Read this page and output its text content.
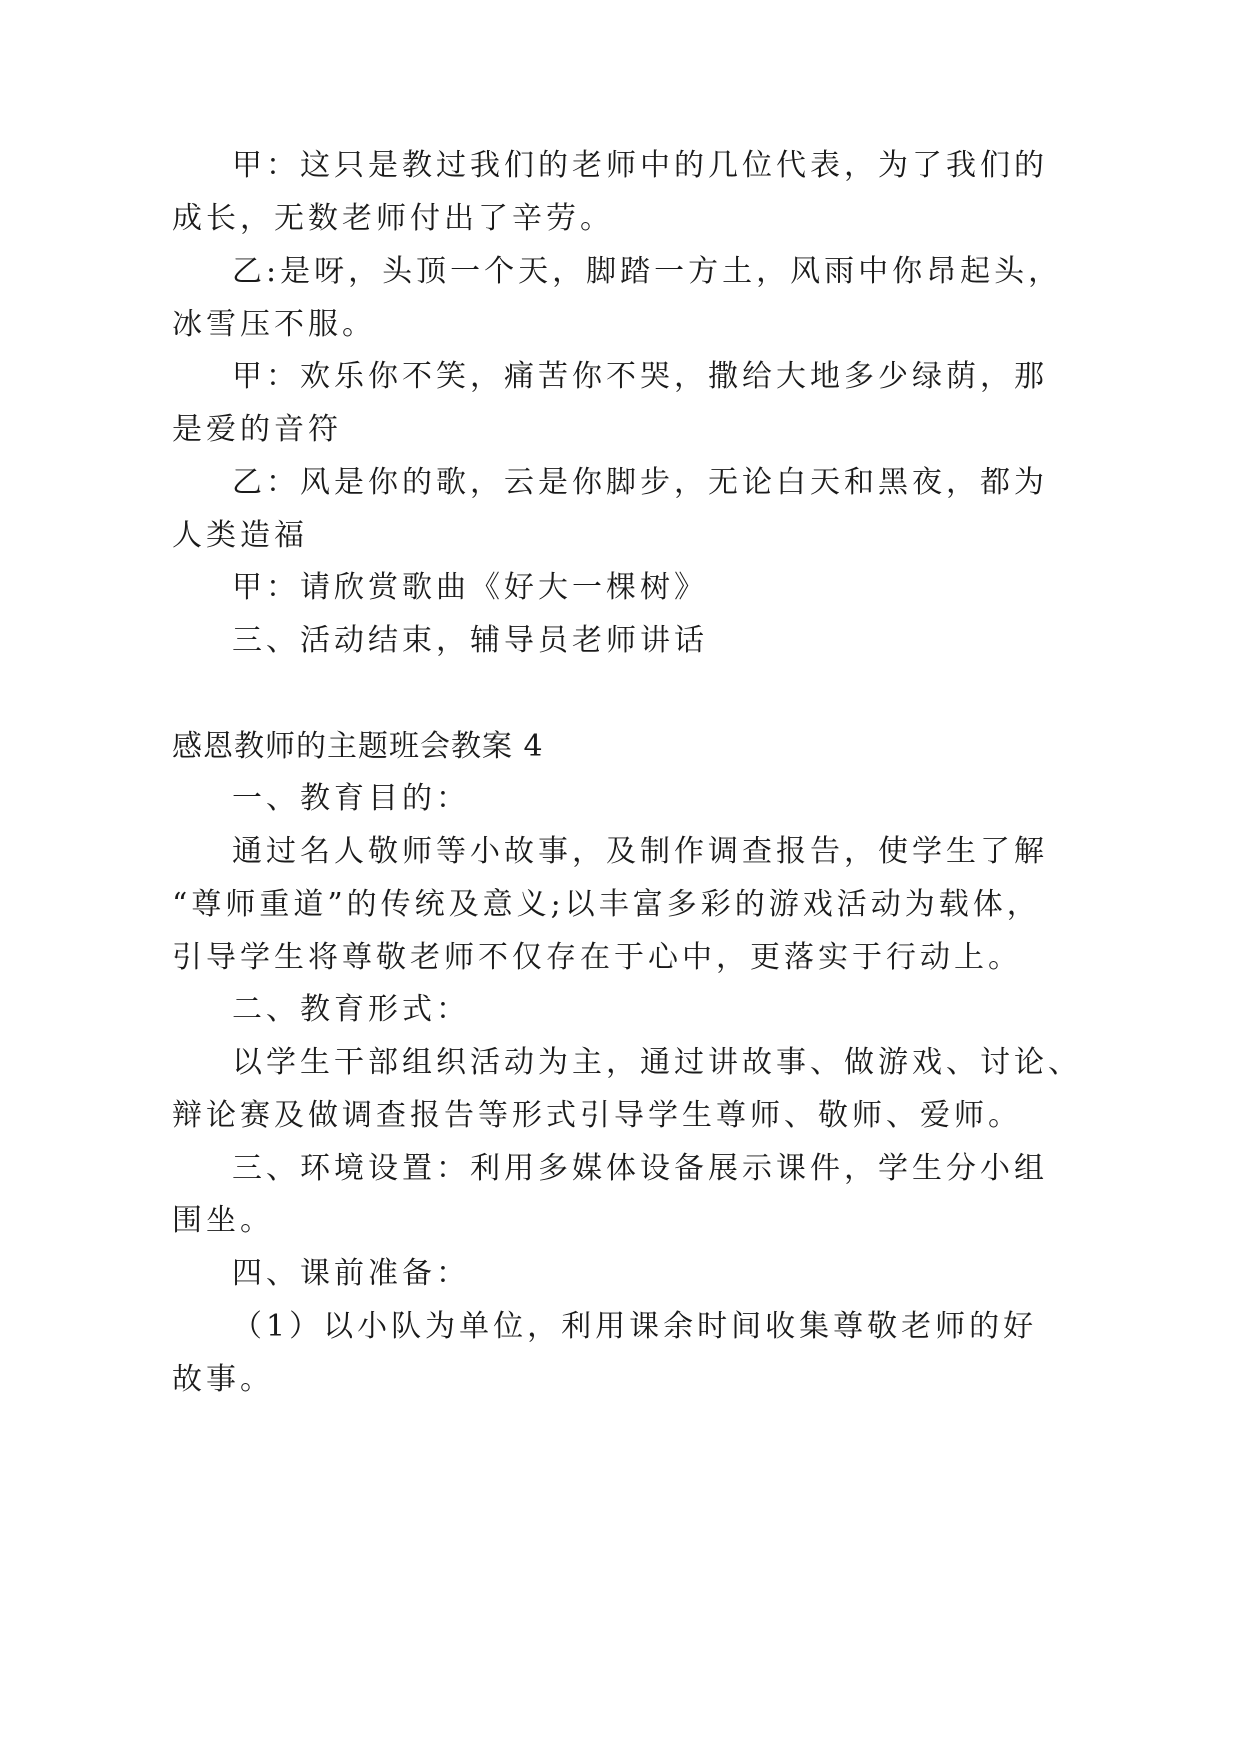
甲：这只是教过我们的老师中的几位代表，为了我们的
成长，无数老师付出了辛劳。
乙:是呀，头顶一个天，脚踏一方土，风雨中你昂起头，
冰雪压不服。
甲：欢乐你不笑，痛苦你不哭，撒给大地多少绿荫，那
是爱的音符
乙：风是你的歌，云是你脚步，无论白天和黑夜，都为
人类造福
甲：请欣赏歌曲《好大一棵树》
三、活动结束，辅导员老师讲话
感恩教师的主题班会教案 4
一、教育目的：
通过名人敬师等小故事，及制作调查报告，使学生了解
“尊师重道”的传统及意义;以丰富多彩的游戏活动为载体，
引导学生将尊敬老师不仅存在于心中，更落实于行动上。
二、教育形式：
以学生干部组织活动为主，通过讲故事、做游戏、讨论、
辩论赛及做调查报告等形式引导学生尊师、敬师、爱师。
三、环境设置：利用多媒体设备展示课件，学生分小组
围坐。
四、课前准备：
（1）以小队为单位，利用课余时间收集尊敬老师的好
故事。
